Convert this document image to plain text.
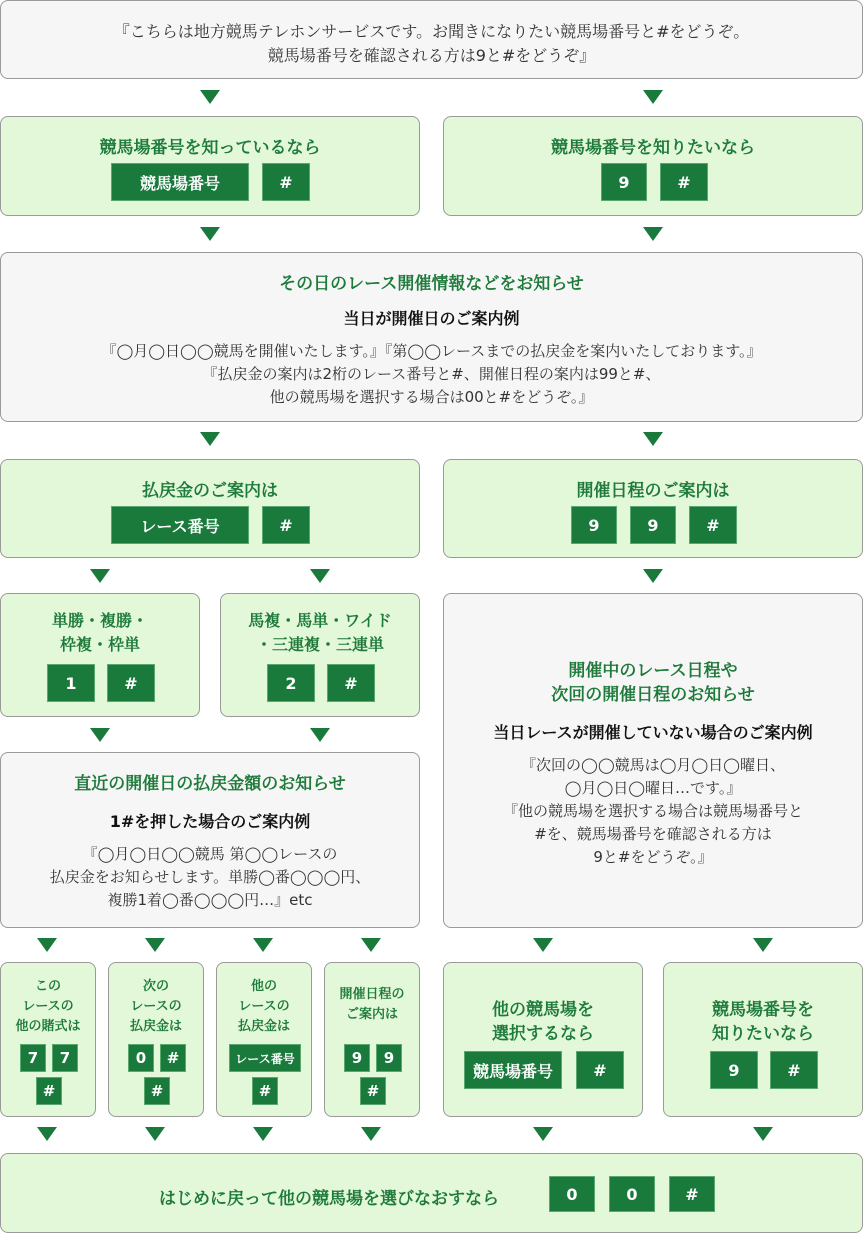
『こちらは地方競馬テレホンサービスです。お聞きになりたい競馬場番号と#をどうぞ。
競馬場番号を確認される方は9と#をどうぞ』
競馬場番号を知っているなら
競馬場番号	#
競馬場番号を知りたいなら
9	#
その日のレース開催情報などをお知らせ
当日が開催日のご案内例
『◯月◯日◯◯競馬を開催いたします。』『第◯◯レースまでの払戻金を案内いたしております。』
『払戻金の案内は2桁のレース番号と#、開催日程の案内は99と#、
他の競馬場を選択する場合は00と#をどうぞ。』
払戻金のご案内は
レース番号	#
開催日程のご案内は
9	9	#
単勝・複勝・
枠複・枠単
1	#
馬複・馬単・ワイド
・三連複・三連単
2	#
開催中のレース日程や
次回の開催日程のお知らせ
当日レースが開催していない場合のご案内例
『次回の◯◯競馬は◯月◯日◯曜日、
◯月◯日◯曜日…です。』
『他の競馬場を選択する場合は競馬場番号と
#を、競馬場番号を確認される方は
9と#をどうぞ。』
直近の開催日の払戻金額のお知らせ
1#を押した場合のご案内例
『◯月◯日◯◯競馬 第◯◯レースの
払戻金をお知らせします。単勝◯番◯◯◯円、
複勝1着◯番◯◯◯円…』etc
この
レースの
他の賭式は
7	7
#
次の
レースの
払戻金は
0	#
#
他の
レースの
払戻金は
レース番号
#
開催日程の
ご案内は
9	9
#
他の競馬場を
選択するなら
競馬場番号	#
競馬場番号を
知りたいなら
9	#
はじめに戻って他の競馬場を選びなおすなら	0	0	#
